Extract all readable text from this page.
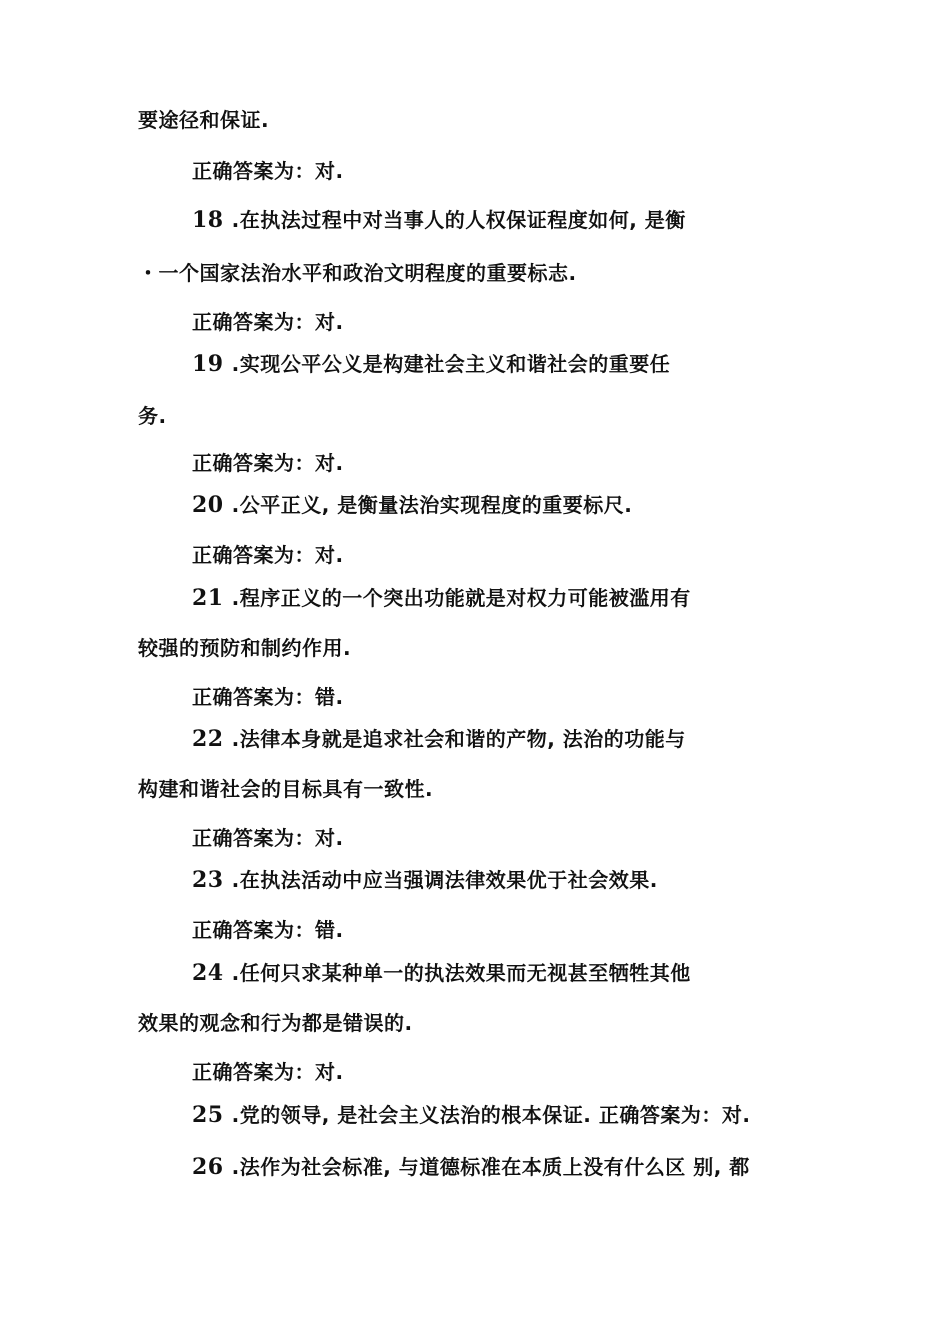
要途径和保证.
正确答案为：对.
18 .在执法过程中对当事人的人权保证程度如何, 是衡
・一个国家法治水平和政治文明程度的重要标志.
正确答案为：对.
19 .实现公平公义是构建社会主义和谐社会的重要任
务.
正确答案为：对.
20 .公平正义, 是衡量法治实现程度的重要标尺.
正确答案为：对.
21 .程序正义的一个突出功能就是对权力可能被滥用有
较强的预防和制约作用.
正确答案为：错.
22 .法律本身就是追求社会和谐的产物, 法治的功能与
构建和谐社会的目标具有一致性.
正确答案为：对.
23 .在执法活动中应当强调法律效果优于社会效果.
正确答案为：错.
24 .任何只求某种单一的执法效果而无视甚至牺牲其他
效果的观念和行为都是错误的.
正确答案为：对.
25 .党的领导, 是社会主义法治的根本保证. 正确答案为：对.
26 .法作为社会标准, 与道德标准在本质上没有什么区 别, 都
